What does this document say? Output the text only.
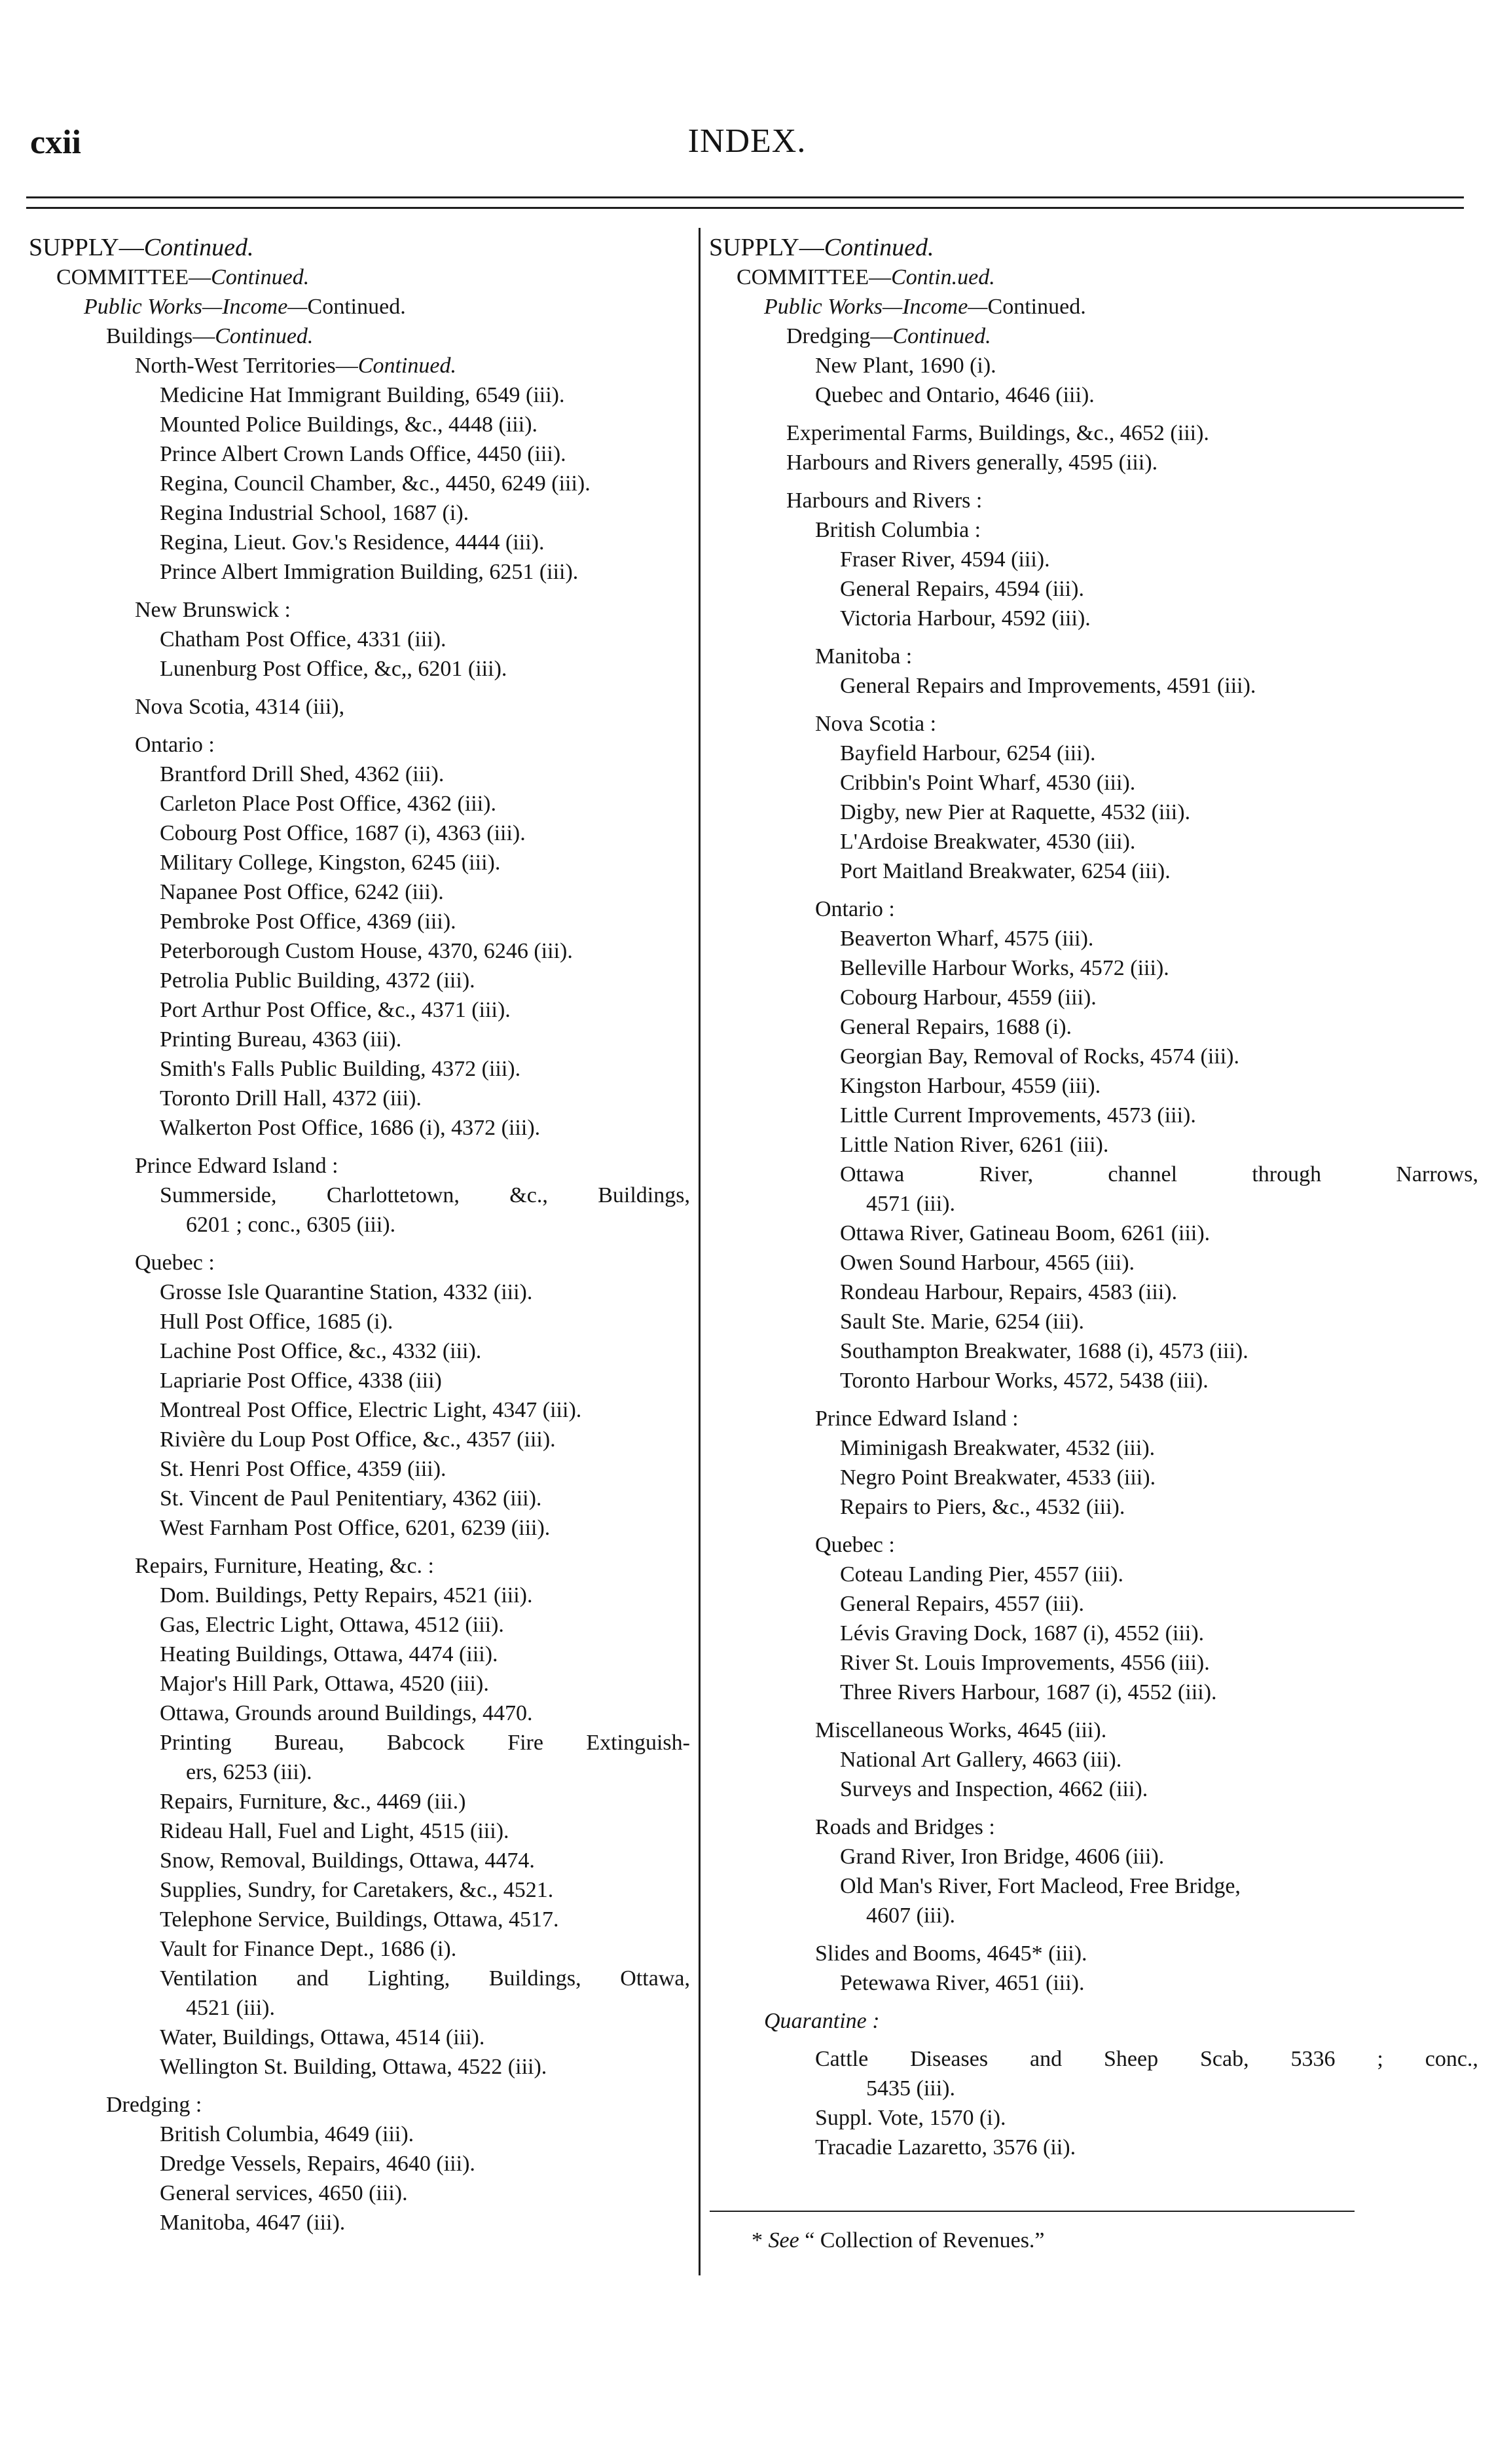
cxii	INDEX.
SUPPLY—Continued.
COMMITTEE—Continued.
Public Works—Income—Continued.
Buildings—Continued.
North-West Territories—Continued.
Medicine Hat Immigrant Building, 6549 (iii).
Mounted Police Buildings, &c., 4448 (iii).
Prince Albert Crown Lands Office, 4450 (iii).
Regina, Council Chamber, &c., 4450, 6249 (iii).
Regina Industrial School, 1687 (i).
Regina, Lieut. Gov.'s Residence, 4444 (iii).
Prince Albert Immigration Building, 6251 (iii).
New Brunswick :
Chatham Post Office, 4331 (iii).
Lunenburg Post Office, &c,, 6201 (iii).
Nova Scotia, 4314 (iii),
Ontario :
Brantford Drill Shed, 4362 (iii).
Carleton Place Post Office, 4362 (iii).
Cobourg Post Office, 1687 (i), 4363 (iii).
Military College, Kingston, 6245 (iii).
Napanee Post Office, 6242 (iii).
Pembroke Post Office, 4369 (iii).
Peterborough Custom House, 4370, 6246 (iii).
Petrolia Public Building, 4372 (iii).
Port Arthur Post Office, &c., 4371 (iii).
Printing Bureau, 4363 (iii).
Smith's Falls Public Building, 4372 (iii).
Toronto Drill Hall, 4372 (iii).
Walkerton Post Office, 1686 (i), 4372 (iii).
Prince Edward Island :
Summerside, Charlottetown, &c., Buildings,
6201 ; conc., 6305 (iii).
Quebec :
Grosse Isle Quarantine Station, 4332 (iii).
Hull Post Office, 1685 (i).
Lachine Post Office, &c., 4332 (iii).
Lapriarie Post Office, 4338 (iii)
Montreal Post Office, Electric Light, 4347 (iii).
Rivière du Loup Post Office, &c., 4357 (iii).
St. Henri Post Office, 4359 (iii).
St. Vincent de Paul Penitentiary, 4362 (iii).
West Farnham Post Office, 6201, 6239 (iii).
Repairs, Furniture, Heating, &c. :
Dom. Buildings, Petty Repairs, 4521 (iii).
Gas, Electric Light, Ottawa, 4512 (iii).
Heating Buildings, Ottawa, 4474 (iii).
Major's Hill Park, Ottawa, 4520 (iii).
Ottawa, Grounds around Buildings, 4470.
Printing Bureau, Babcock Fire Extinguish-
ers, 6253 (iii).
Repairs, Furniture, &c., 4469 (iii.)
Rideau Hall, Fuel and Light, 4515 (iii).
Snow, Removal, Buildings, Ottawa, 4474.
Supplies, Sundry, for Caretakers, &c., 4521.
Telephone Service, Buildings, Ottawa, 4517.
Vault for Finance Dept., 1686 (i).
Ventilation and Lighting, Buildings, Ottawa,
4521 (iii).
Water, Buildings, Ottawa, 4514 (iii).
Wellington St. Building, Ottawa, 4522 (iii).
Dredging :
British Columbia, 4649 (iii).
Dredge Vessels, Repairs, 4640 (iii).
General services, 4650 (iii).
Manitoba, 4647 (iii).
SUPPLY—Continued.
COMMITTEE—Contin.ued.
Public Works—Income—Continued.
Dredging—Continued.
New Plant, 1690 (i).
Quebec and Ontario, 4646 (iii).
Experimental Farms, Buildings, &c., 4652 (iii).
Harbours and Rivers generally, 4595 (iii).
Harbours and Rivers :
British Columbia :
Fraser River, 4594 (iii).
General Repairs, 4594 (iii).
Victoria Harbour, 4592 (iii).
Manitoba :
General Repairs and Improvements, 4591 (iii).
Nova Scotia :
Bayfield Harbour, 6254 (iii).
Cribbin's Point Wharf, 4530 (iii).
Digby, new Pier at Raquette, 4532 (iii).
L'Ardoise Breakwater, 4530 (iii).
Port Maitland Breakwater, 6254 (iii).
Ontario :
Beaverton Wharf, 4575 (iii).
Belleville Harbour Works, 4572 (iii).
Cobourg Harbour, 4559 (iii).
General Repairs, 1688 (i).
Georgian Bay, Removal of Rocks, 4574 (iii).
Kingston Harbour, 4559 (iii).
Little Current Improvements, 4573 (iii).
Little Nation River, 6261 (iii).
Ottawa	River,	channel	through	Narrows,
4571 (iii).
Ottawa River, Gatineau Boom, 6261 (iii).
Owen Sound Harbour, 4565 (iii).
Rondeau Harbour, Repairs, 4583 (iii).
Sault Ste. Marie, 6254 (iii).
Southampton Breakwater, 1688 (i), 4573 (iii).
Toronto Harbour Works, 4572, 5438 (iii).
Prince Edward Island :
Miminigash Breakwater, 4532 (iii).
Negro Point Breakwater, 4533 (iii).
Repairs to Piers, &c., 4532 (iii).
Quebec :
Coteau Landing Pier, 4557 (iii).
General Repairs, 4557 (iii).
Lévis Graving Dock, 1687 (i), 4552 (iii).
River St. Louis Improvements, 4556 (iii).
Three Rivers Harbour, 1687 (i), 4552 (iii).
Miscellaneous Works, 4645 (iii).
National Art Gallery, 4663 (iii).
Surveys and Inspection, 4662 (iii).
Roads and Bridges :
Grand River, Iron Bridge, 4606 (iii).
Old Man's River, Fort Macleod, Free Bridge,
4607 (iii).
Slides and Booms, 4645* (iii).
Petewawa River, 4651 (iii).
Quarantine :
Cattle Diseases and Sheep Scab, 5336 ; conc.,
5435 (iii).
Suppl. Vote, 1570 (i).
Tracadie Lazaretto, 3576 (ii).
* See “ Collection of Revenues.”
